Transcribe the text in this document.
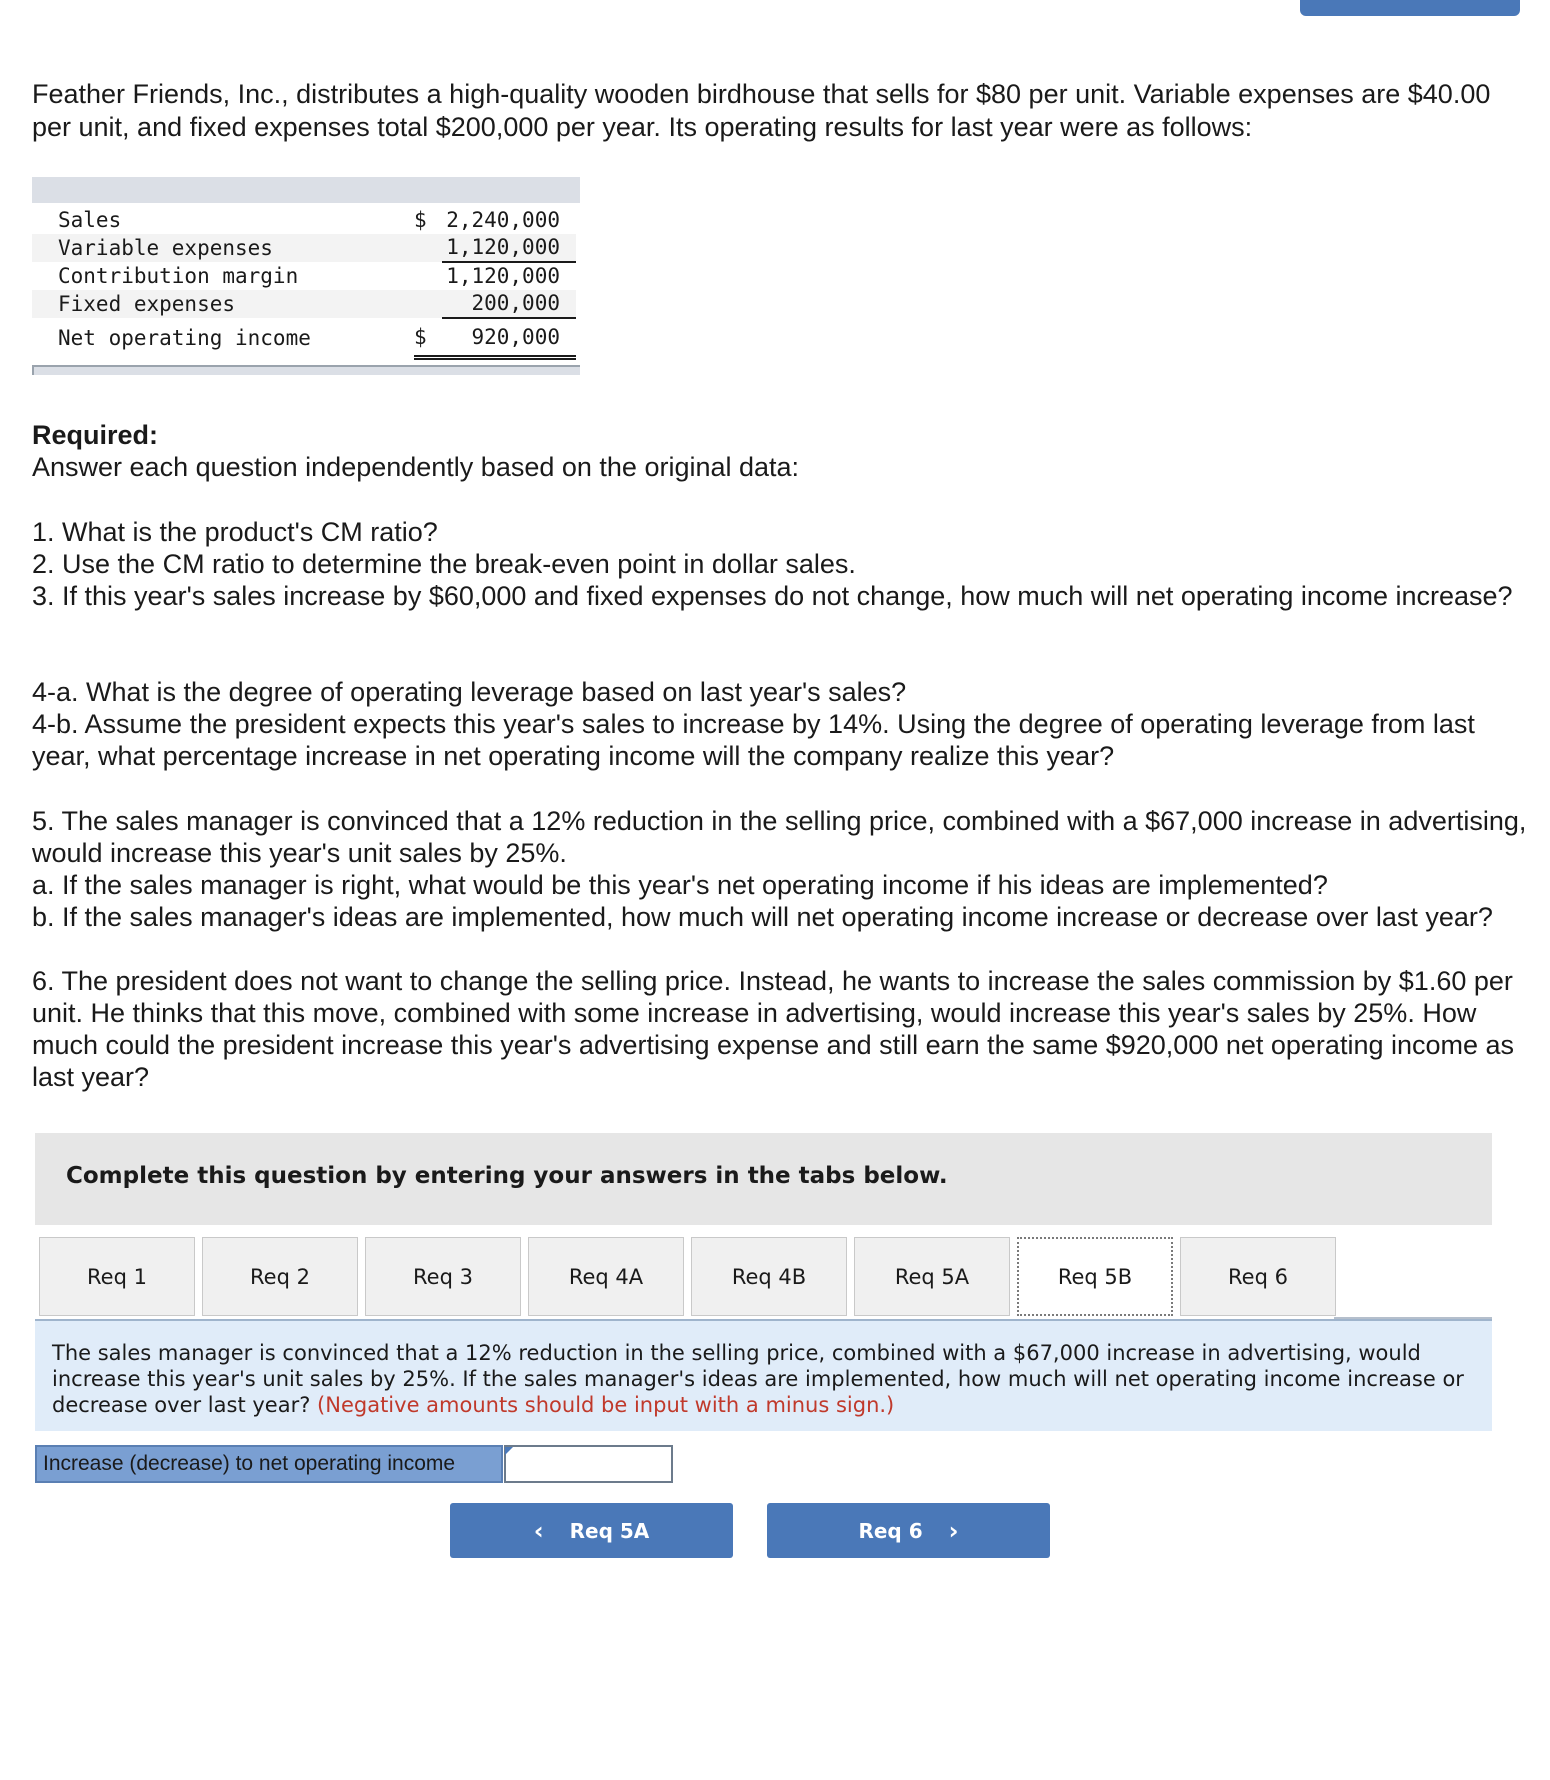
Feather Friends, Inc., distributes a high-quality wooden birdhouse that sells for $80 per unit. Variable expenses are $40.00 per unit, and fixed expenses total $200,000 per year. Its operating results for last year were as follows:

Sales	$	2,240,000
Variable expenses		1,120,000
Contribution margin		1,120,000
Fixed expenses		200,000
Net operating income	$	920,000

Required:

Answer each question independently based on the original data:

1. What is the product's CM ratio?

2. Use the CM ratio to determine the break-even point in dollar sales.

3. If this year's sales increase by $60,000 and fixed expenses do not change, how much will net operating income increase?

4-a. What is the degree of operating leverage based on last year's sales?

4-b. Assume the president expects this year's sales to increase by 14%. Using the degree of operating leverage from last year, what percentage increase in net operating income will the company realize this year?

5. The sales manager is convinced that a 12% reduction in the selling price, combined with a $67,000 increase in advertising, would increase this year's unit sales by 25%.

a. If the sales manager is right, what would be this year's net operating income if his ideas are implemented?

b. If the sales manager's ideas are implemented, how much will net operating income increase or decrease over last year?

6. The president does not want to change the selling price. Instead, he wants to increase the sales commission by $1.60 per unit. He thinks that this move, combined with some increase in advertising, would increase this year's sales by 25%. How much could the president increase this year's advertising expense and still earn the same $920,000 net operating income as last year?

Complete this question by entering your answers in the tabs below.
Req 1	Req 2	Req 3	Req 4A	Req 4B	Req 5A	Req 5B	Req 6
The sales manager is convinced that a 12% reduction in the selling price, combined with a $67,000 increase in advertising, would increase this year's unit sales by 25%. If the sales manager's ideas are implemented, how much will net operating income increase or decrease over last year? (Negative amounts should be input with a minus sign.)
Increase (decrease) to net operating income
‹ Req 5A	Req 6 ›
